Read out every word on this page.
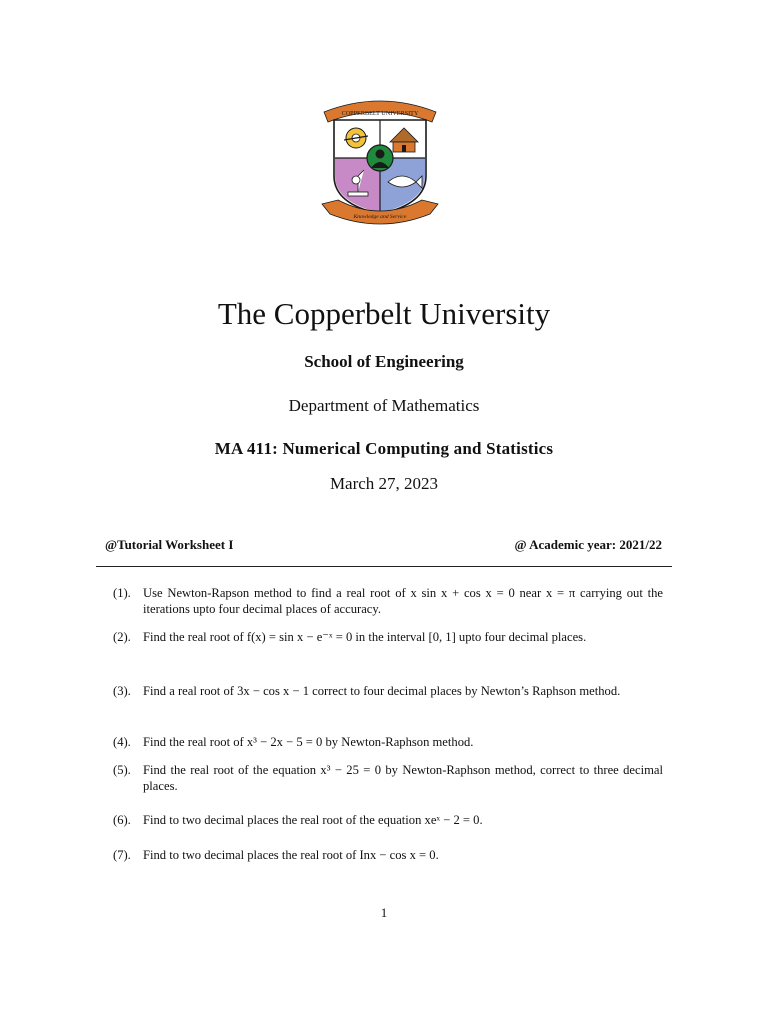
COPPERBELT UNIVERSITY
Knowledge and Service
The Copperbelt University
School of Engineering
Department of Mathematics
MA 411: Numerical Computing and Statistics
March 27, 2023
@Tutorial Worksheet I	@ Academic year: 2021/22
(1). Use Newton-Rapson method to find a real root of x sin x + cos x = 0 near x = π carrying out the iterations upto four decimal places of accuracy.
(2). Find the real root of f(x) = sin x − e⁻ˣ = 0 in the interval [0, 1] upto four decimal places.
(3). Find a real root of 3x − cos x − 1 correct to four decimal places by Newton’s Raphson method.
(4). Find the real root of x³ − 2x − 5 = 0 by Newton-Raphson method.
(5). Find the real root of the equation x³ − 25 = 0 by Newton-Raphson method, correct to three decimal places.
(6). Find to two decimal places the real root of the equation xeˣ − 2 = 0.
(7). Find to two decimal places the real root of Inx − cos x = 0.
1
